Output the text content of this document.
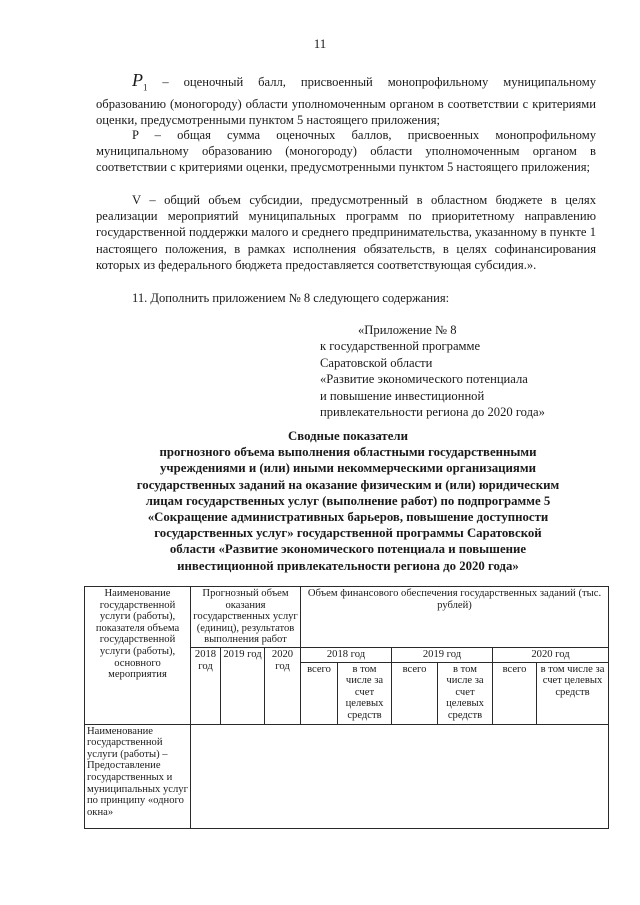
11

$P_1$ – оценочный балл, присвоенный монопрофильному муниципальному образованию (моногороду) области уполномоченным органом в соответствии с критериями оценки, предусмотренными пунктом 5 настоящего приложения;

P – общая сумма оценочных баллов, присвоенных монопрофильному муниципальному образованию (моногороду) области уполномоченным органом в соответствии с критериями оценки, предусмотренными пунктом 5 настоящего приложения;

V – общий объем субсидии, предусмотренный в областном бюджете в целях реализации мероприятий муниципальных программ по приоритетному направлению государственной поддержки малого и среднего предпринимательства, указанному в пункте 1 настоящего положения, в рамках исполнения обязательств, в целях софинансирования которых из федерального бюджета предоставляется соответствующая субсидия.».

11. Дополнить приложением № 8 следующего содержания:

«Приложение № 8
к государственной программе
Саратовской области
«Развитие экономического потенциала
и повышение инвестиционной
привлекательности региона до 2020 года»
Сводные показатели
прогнозного объема выполнения областными государственными
учреждениями и (или) иными некоммерческими организациями
государственных заданий на оказание физическим и (или) юридическим
лицам государственных услуг (выполнение работ) по подпрограмме 5
«Сокращение административных барьеров, повышение доступности
государственных услуг» государственной программы Саратовской
области «Развитие экономического потенциала и повышение
инвестиционной привлекательности региона до 2020 года»
Наименование государственной услуги (работы), показателя объема государственной услуги (работы), основного мероприятия	Прогнозный объем оказания государственных услуг (единиц), результатов выполнения работ			Объем финансового обеспечения государственных заданий (тыс. рублей)					
	2018 год	2019 год	2020 год	2018 год		2019 год		2020 год	
				всего	в том числе за счет целевых средств	всего	в том числе за счет целевых средств	всего	в том числе за счет целевых средств
Наименование государственной услуги (работы) – Предоставление государственных и муниципальных услуг по принципу «одного окна»									
